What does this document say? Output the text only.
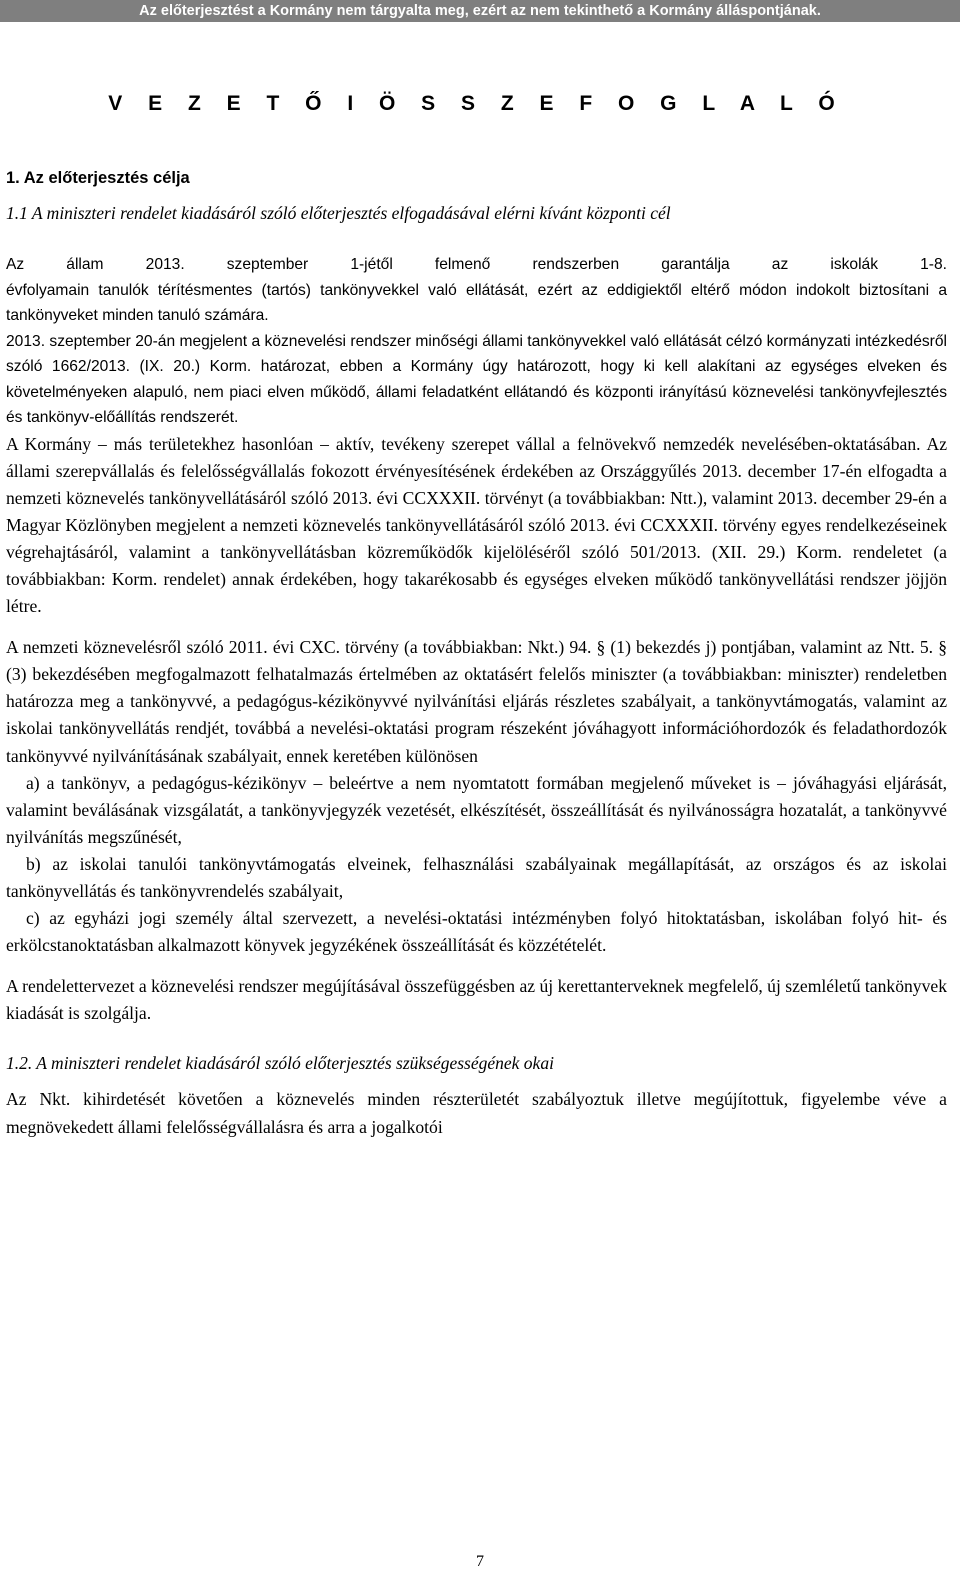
Az előterjesztést a Kormány nem tárgyalta meg, ezért az nem tekinthető a Kormány álláspontjának.
V E Z E T Ő I Ö S S Z E F O G L A L Ó
1. Az előterjesztés célja
1.1 A miniszteri rendelet kiadásáról szóló előterjesztés elfogadásával elérni kívánt központi cél

Az állam 2013. szeptember 1-jétől felmenő rendszerben garantálja az iskolák 1-8.

évfolyamain tanulók térítésmentes (tartós) tankönyvekkel való ellátását, ezért az eddigiektől eltérő módon indokolt biztosítani a tankönyveket minden tanuló számára.

2013. szeptember 20-án megjelent a köznevelési rendszer minőségi állami tankönyvekkel való ellátását célzó kormányzati intézkedésről szóló 1662/2013. (IX. 20.) Korm. határozat, ebben a Kormány úgy határozott, hogy ki kell alakítani az egységes elveken és követelményeken alapuló, nem piaci elven működő, állami feladatként ellátandó és központi irányítású köznevelési tankönyvfejlesztés és tankönyv-előállítás rendszerét.

A Kormány – más területekhez hasonlóan – aktív, tevékeny szerepet vállal a felnövekvő nemzedék nevelésében-oktatásában. Az állami szerepvállalás és felelősségvállalás fokozott érvényesítésének érdekében az Országgyűlés 2013. december 17-én elfogadta a nemzeti köznevelés tankönyvellátásáról szóló 2013. évi CCXXXII. törvényt (a továbbiakban: Ntt.), valamint 2013. december 29-én a Magyar Közlönyben megjelent a nemzeti köznevelés tankönyvellátásáról szóló 2013. évi CCXXXII. törvény egyes rendelkezéseinek végrehajtásáról, valamint a tankönyvellátásban közreműködők kijelöléséről szóló 501/2013. (XII. 29.) Korm. rendeletet (a továbbiakban: Korm. rendelet) annak érdekében, hogy takarékosabb és egységes elveken működő tankönyvellátási rendszer jöjjön létre.

A nemzeti köznevelésről szóló 2011. évi CXC. törvény (a továbbiakban: Nkt.) 94. § (1) bekezdés j) pontjában, valamint az Ntt. 5. § (3) bekezdésében megfogalmazott felhatalmazás értelmében az oktatásért felelős miniszter (a továbbiakban: miniszter) rendeletben határozza meg a tankönyvvé, a pedagógus-kézikönyvvé nyilvánítási eljárás részletes szabályait, a tankönyvtámogatás, valamint az iskolai tankönyvellátás rendjét, továbbá a nevelési-oktatási program részeként jóváhagyott információhordozók és feladathordozók tankönyvvé nyilvánításának szabályait, ennek keretében különösen

a) a tankönyv, a pedagógus-kézikönyv – beleértve a nem nyomtatott formában megjelenő műveket is – jóváhagyási eljárását, valamint beválásának vizsgálatát, a tankönyvjegyzék vezetését, elkészítését, összeállítását és nyilvánosságra hozatalát, a tankönyvvé nyilvánítás megszűnését,

b) az iskolai tanulói tankönyvtámogatás elveinek, felhasználási szabályainak megállapítását, az országos és az iskolai tankönyvellátás és tankönyvrendelés szabályait,

c) az egyházi jogi személy által szervezett, a nevelési-oktatási intézményben folyó hitoktatásban, iskolában folyó hit- és erkölcstanoktatásban alkalmazott könyvek jegyzékének összeállítását és közzétételét.

A rendelettervezet a köznevelési rendszer megújításával összefüggésben az új kerettanterveknek megfelelő, új szemléletű tankönyvek kiadását is szolgálja.

1.2. A miniszteri rendelet kiadásáról szóló előterjesztés szükségességének okai

Az Nkt. kihirdetését követően a köznevelés minden részterületét szabályoztuk illetve megújítottuk, figyelembe véve a megnövekedett állami felelősségvállalásra és arra a jogalkotói

7
